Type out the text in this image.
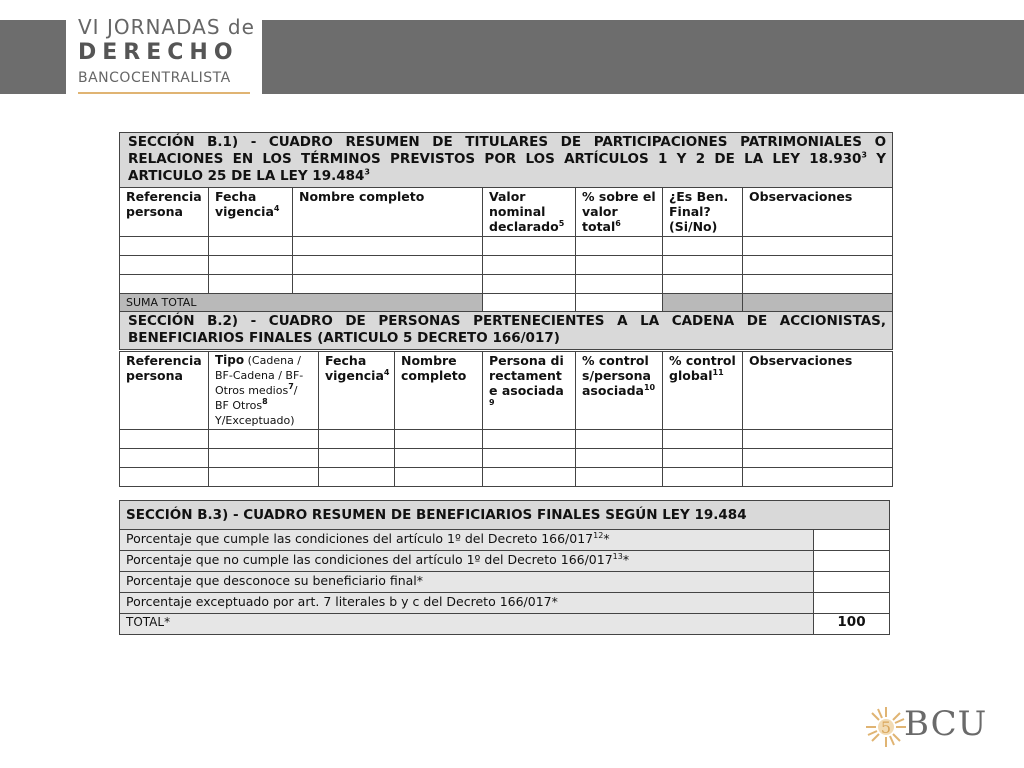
VI JORNADAS de
DERECHO
BANCOCENTRALISTA
SECCIÓN B.1) - CUADRO RESUMEN DE TITULARES DE PARTICIPACIONES PATRIMONIALES O RELACIONES EN LOS TÉRMINOS PREVISTOS POR LOS ARTÍCULOS 1 Y 2 DE LA LEY 18.930$^3$ Y ARTICULO 25 DE LA LEY 19.484$^3$
Referencia persona	Fecha vigencia$^4$	Nombre completo	Valor nominal declarado$^5$	% sobre el valor total$^6$	¿Es Ben. Final? (Si/No)	Observaciones

SUMA TOTAL						
SECCIÓN B.2) - CUADRO DE PERSONAS PERTENECIENTES A LA CADENA DE ACCIONISTAS, BENEFICIARIOS FINALES (ARTICULO 5 DECRETO 166/017)						
Referencia persona	Tipo (Cadena / BF-Cadena / BF-Otros medios$^7$/ BF Otros$^8$ Y/Exceptuado)	Fecha vigencia$^4$	Nombre completo	Persona directamente asociada$^9$	% control s/persona asociada$^{10}$	% control global$^{11}$	Observaciones

SECCIÓN B.3) - CUADRO RESUMEN DE BENEFICIARIOS FINALES SEGÚN LEY 19.484	
Porcentaje que cumple las condiciones del artículo 1º del Decreto $166/017^{12}*$	
Porcentaje que no cumple las condiciones del artículo 1º del Decreto $166/017^{13}*$	
Porcentaje que desconoce su beneficiario final*	
Porcentaje exceptuado por art. 7 literales b y c del Decreto 166/017*	
TOTAL*	100
5 BCU
